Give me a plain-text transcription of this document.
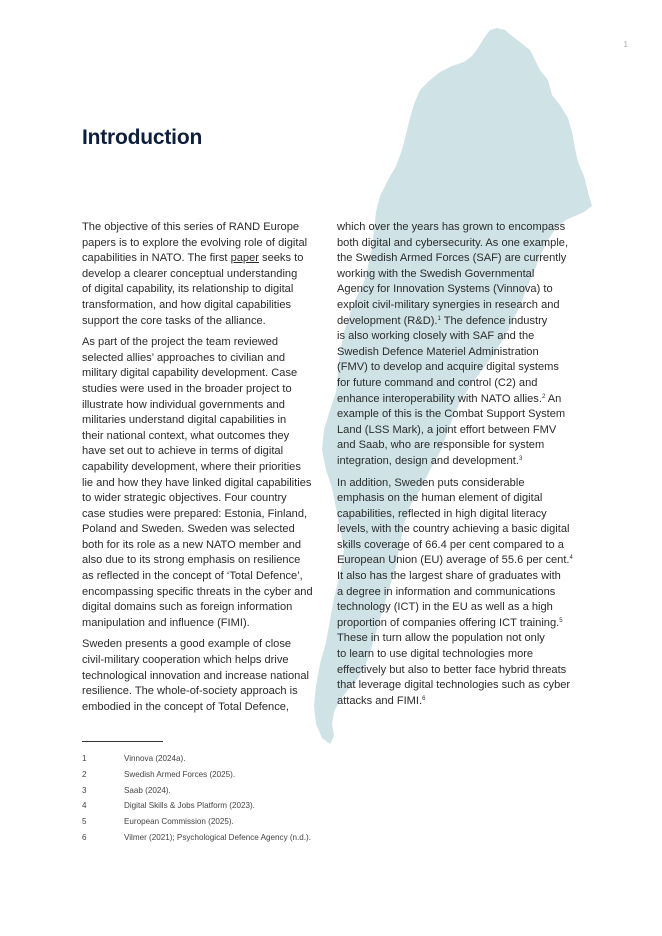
1
Introduction

The objective of this series of RAND Europe
papers is to explore the evolving role of digital
capabilities in NATO. The first paper seeks to
develop a clearer conceptual understanding
of digital capability, its relationship to digital
transformation, and how digital capabilities
support the core tasks of the alliance.

As part of the project the team reviewed
selected allies’ approaches to civilian and
military digital capability development. Case
studies were used in the broader project to
illustrate how individual governments and
militaries understand digital capabilities in
their national context, what outcomes they
have set out to achieve in terms of digital
capability development, where their priorities
lie and how they have linked digital capabilities
to wider strategic objectives. Four country
case studies were prepared: Estonia, Finland,
Poland and Sweden. Sweden was selected
both for its role as a new NATO member and
also due to its strong emphasis on resilience
as reflected in the concept of ‘Total Defence’,
encompassing specific threats in the cyber and
digital domains such as foreign information
manipulation and influence (FIMI).

Sweden presents a good example of close
civil-military cooperation which helps drive
technological innovation and increase national
resilience. The whole-of-society approach is
embodied in the concept of Total Defence,

which over the years has grown to encompass
both digital and cybersecurity. As one example,
the Swedish Armed Forces (SAF) are currently
working with the Swedish Governmental
Agency for Innovation Systems (Vinnova) to
exploit civil-military synergies in research and
development (R&D).$^1$ The defence industry
is also working closely with SAF and the
Swedish Defence Materiel Administration
(FMV) to develop and acquire digital systems
for future command and control (C2) and
enhance interoperability with NATO allies.$^2$ An
example of this is the Combat Support System
Land (LSS Mark), a joint effort between FMV
and Saab, who are responsible for system
integration, design and development.$^3$

In addition, Sweden puts considerable
emphasis on the human element of digital
capabilities, reflected in high digital literacy
levels, with the country achieving a basic digital
skills coverage of 66.4 per cent compared to a
European Union (EU) average of 55.6 per cent.$^4$
It also has the largest share of graduates with
a degree in information and communications
technology (ICT) in the EU as well as a high
proportion of companies offering ICT training.$^5$
These in turn allow the population not only
to learn to use digital technologies more
effectively but also to better face hybrid threats
that leverage digital technologies such as cyber
attacks and FIMI.$^6$

1	Vinnova (2024a).
2	Swedish Armed Forces (2025).
3	Saab (2024).
4	Digital Skills & Jobs Platform (2023).
5	European Commission (2025).
6	Vilmer (2021); Psychological Defence Agency (n.d.).
